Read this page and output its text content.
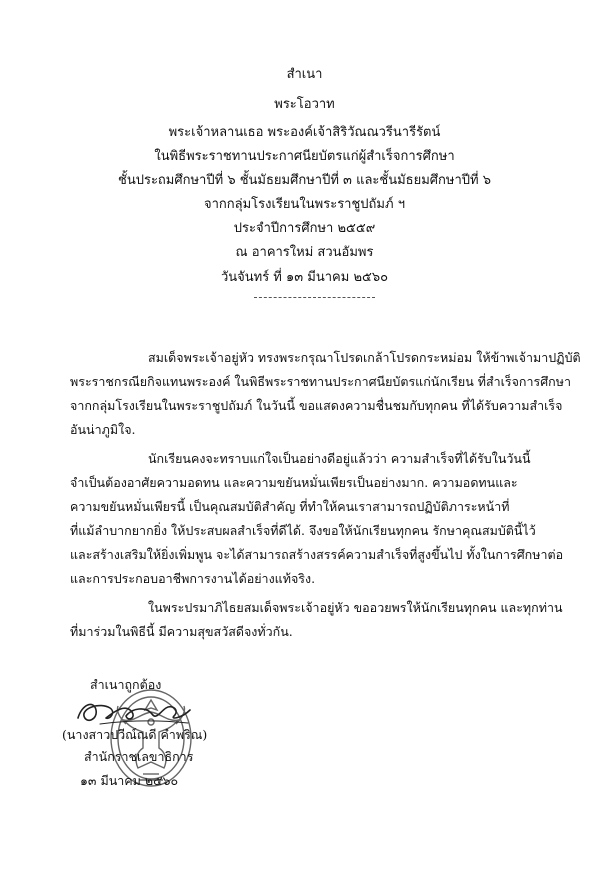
สำเนา
พระโอวาท
พระเจ้าหลานเธอ พระองค์เจ้าสิริวัณณวรีนารีรัตน์
ในพิธีพระราชทานประกาศนียบัตรแก่ผู้สำเร็จการศึกษา
ชั้นประถมศึกษาปีที่ ๖ ชั้นมัธยมศึกษาปีที่ ๓ และชั้นมัธยมศึกษาปีที่ ๖
จากกลุ่มโรงเรียนในพระราชูปถัมภ์ ฯ
ประจำปีการศึกษา ๒๕๕๙
ณ อาคารใหม่ สวนอัมพร
วันจันทร์ ที่ ๑๓ มีนาคม ๒๕๖๐
สมเด็จพระเจ้าอยู่หัว ทรงพระกรุณาโปรดเกล้าโปรดกระหม่อม ให้ข้าพเจ้ามาปฏิบัติ
พระราชกรณียกิจแทนพระองค์ ในพิธีพระราชทานประกาศนียบัตรแก่นักเรียน ที่สำเร็จการศึกษา
จากกลุ่มโรงเรียนในพระราชูปถัมภ์ ในวันนี้ ขอแสดงความชื่นชมกับทุกคน ที่ได้รับความสำเร็จ
อันน่าภูมิใจ.
นักเรียนคงจะทราบแก่ใจเป็นอย่างดีอยู่แล้วว่า ความสำเร็จที่ได้รับในวันนี้
จำเป็นต้องอาศัยความอดทน และความขยันหมั่นเพียรเป็นอย่างมาก. ความอดทนและ
ความขยันหมั่นเพียรนี้ เป็นคุณสมบัติสำคัญ ที่ทำให้คนเราสามารถปฏิบัติภาระหน้าที่
ที่แม้ลำบากยากยิ่ง ให้ประสบผลสำเร็จที่ดีได้. จึงขอให้นักเรียนทุกคน รักษาคุณสมบัตินี้ไว้
และสร้างเสริมให้ยิ่งเพิ่มพูน จะได้สามารถสร้างสรรค์ความสำเร็จที่สูงขึ้นไป ทั้งในการศึกษาต่อ
และการประกอบอาชีพการงานได้อย่างแท้จริง.
ในพระปรมาภิไธยสมเด็จพระเจ้าอยู่หัว ขออวยพรให้นักเรียนทุกคน และทุกท่าน
ที่มาร่วมในพิธีนี้ มีความสุขสวัสดีจงทั่วกัน.
สำเนาถูกต้อง
(นางสาวปวีณ์ณดี คำพริณ)
สำนักราชเลขาธิการ
๑๓ มีนาคม ๒๕๖๐
